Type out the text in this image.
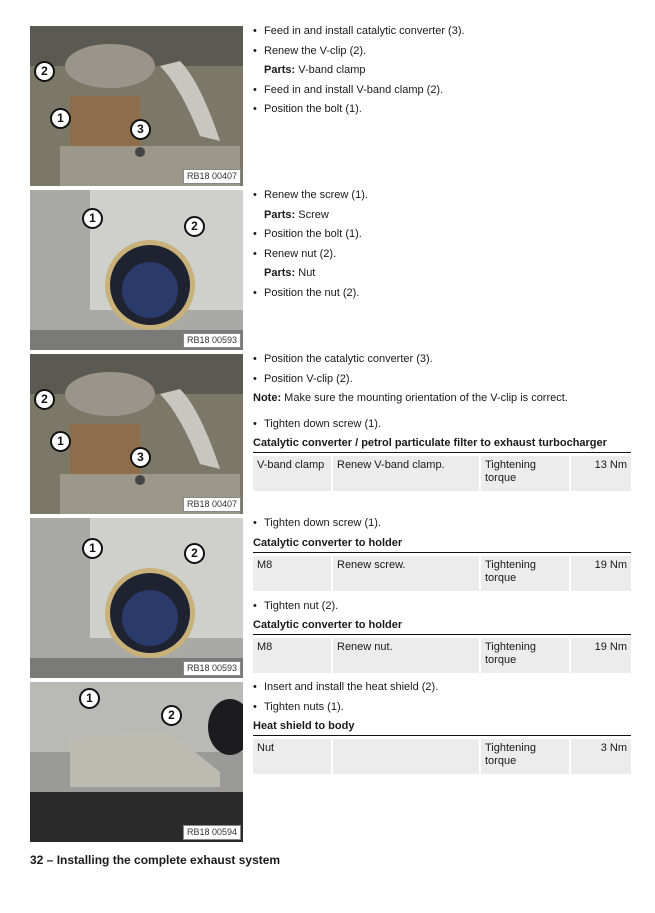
2
1
3
RB18 00407
1
2
RB18 00593
2
1
3
RB18 00407
1	2
RB18 00593
1
2
RB18 00594
• Feed in and install catalytic converter (3).
• Renew the V-clip (2).
Parts: V-band clamp
• Feed in and install V-band clamp (2).
• Position the bolt (1).
• Renew the screw (1).
Parts: Screw
• Position the bolt (1).
• Renew nut (2).
Parts: Nut
• Position the nut (2).
• Position the catalytic converter (3).
• Position V-clip (2).
Note: Make sure the mounting orientation of the V-clip is correct.
• Tighten down screw (1).
Catalytic converter / petrol particulate filter to exhaust turbocharger
V-band clamp	Renew V-band clamp.	Tightening torque	13 Nm
• Tighten down screw (1).
Catalytic converter to holder
M8	Renew screw.	Tightening torque	19 Nm
• Tighten nut (2).
Catalytic converter to holder
M8	Renew nut.	Tightening torque	19 Nm
• Insert and install the heat shield (2).
• Tighten nuts (1).
Heat shield to body
Nut		Tightening torque	3 Nm
32 – Installing the complete exhaust system
